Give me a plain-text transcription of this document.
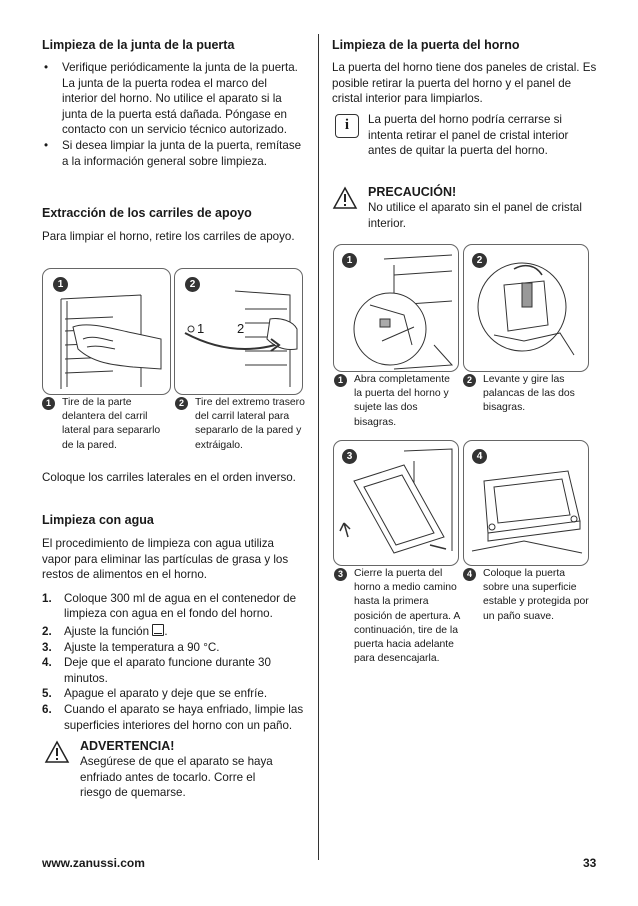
Limpieza de la junta de la puerta
• Verifique periódicamente la junta de la puerta. La junta de la puerta rodea el marco del interior del horno. No utilice el aparato si la junta de la puerta está dañada. Póngase en contacto con un servicio técnico autorizado.
• Si desea limpiar la junta de la puerta, remítase a la información general sobre limpieza.
Extracción de los carriles de apoyo

Para limpiar el horno, retire los carriles de apoyo.

1	2
1	2
1	Tire de la parte delantera del carril lateral para separarlo de la pared.
2	Tire del extremo trasero del carril lateral para separarlo de la pared y extráigalo.

Coloque los carriles laterales en el orden inverso.

Limpieza con agua

El procedimiento de limpieza con agua utiliza vapor para eliminar las partículas de grasa y los restos de alimentos en el horno.

1. Coloque 300 ml de agua en el contenedor de limpieza con agua en el fondo del horno.
2. Ajuste la función .
3. Ajuste la temperatura a 90 °C.
4. Deje que el aparato funcione durante 30 minutos.
5. Apague el aparato y deje que se enfríe.
6. Cuando el aparato se haya enfriado, limpie las superficies interiores del horno con un paño.
ADVERTENCIA!

Asegúrese de que el aparato se haya enfriado antes de tocarlo. Corre el riesgo de quemarse.

Limpieza de la puerta del horno

La puerta del horno tiene dos paneles de cristal. Es posible retirar la puerta del horno y el panel de cristal interior para limpiarlos.

i	La puerta del horno podría cerrarse si intenta retirar el panel de cristal interior antes de quitar la puerta del horno.

PRECAUCIÓN!

No utilice el aparato sin el panel de cristal interior.

1	2
1	Abra completamente la puerta del horno y sujete las dos bisagras.
2	Levante y gire las palancas de las dos bisagras.
3	4
3	Cierre la puerta del horno a medio camino hasta la primera posición de apertura. A continuación, tire de la puerta hacia adelante para desencajarla.
4	Coloque la puerta sobre una superficie estable y protegida por un paño suave.
www.zanussi.com	33
